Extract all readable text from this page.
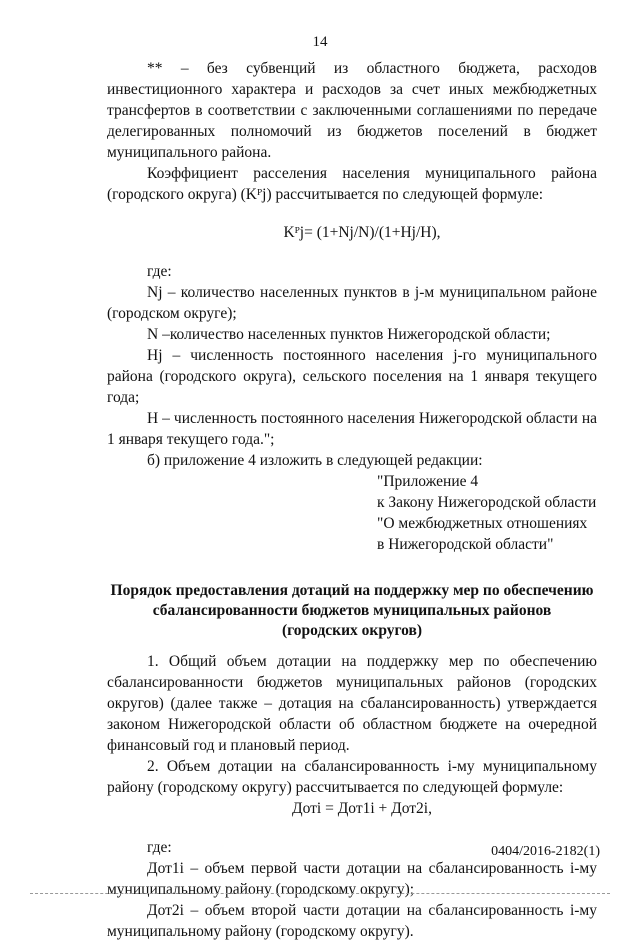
14

** – без субвенций из областного бюджета, расходов инвестиционного характера и расходов за счет иных межбюджетных трансфертов в соответствии с заключенными соглашениями по передаче делегированных полномочий из бюджетов поселений в бюджет муниципального района.

Коэффициент расселения населения муниципального района (городского округа) (Kᴾj) рассчитывается по следующей формуле:

Kᴾj= (1+Nj/N)/(1+Hj/H),

где:

Nj – количество населенных пунктов в j-м муниципальном районе (городском округе);

N –количество населенных пунктов Нижегородской области;

Hj – численность постоянного населения j-го муниципального района (городского округа), сельского поселения на 1 января текущего года;

H – численность постоянного населения Нижегородской области на 1 января текущего года.";

б) приложение 4 изложить в следующей редакции:

"Приложение 4

к Закону Нижегородской области

"О межбюджетных отношениях

в Нижегородской области"

Порядок предоставления дотаций на поддержку мер по обеспечению

сбалансированности бюджетов муниципальных районов

(городских округов)

1. Общий объем дотации на поддержку мер по обеспечению сбалансированности бюджетов муниципальных районов (городских округов) (далее также – дотация на сбалансированность) утверждается законом Нижегородской области об областном бюджете на очередной финансовый год и плановый период.

2. Объем дотации на сбалансированность i-му муниципальному району (городскому округу) рассчитывается по следующей формуле:

Дотi = Дот1i + Дот2i,

где:

Дот1i – объем первой части дотации на сбалансированность i-му муниципальному району (городскому округу);

Дот2i – объем второй части дотации на сбалансированность i-му муниципальному району (городскому округу).

0404/2016-2182(1)
